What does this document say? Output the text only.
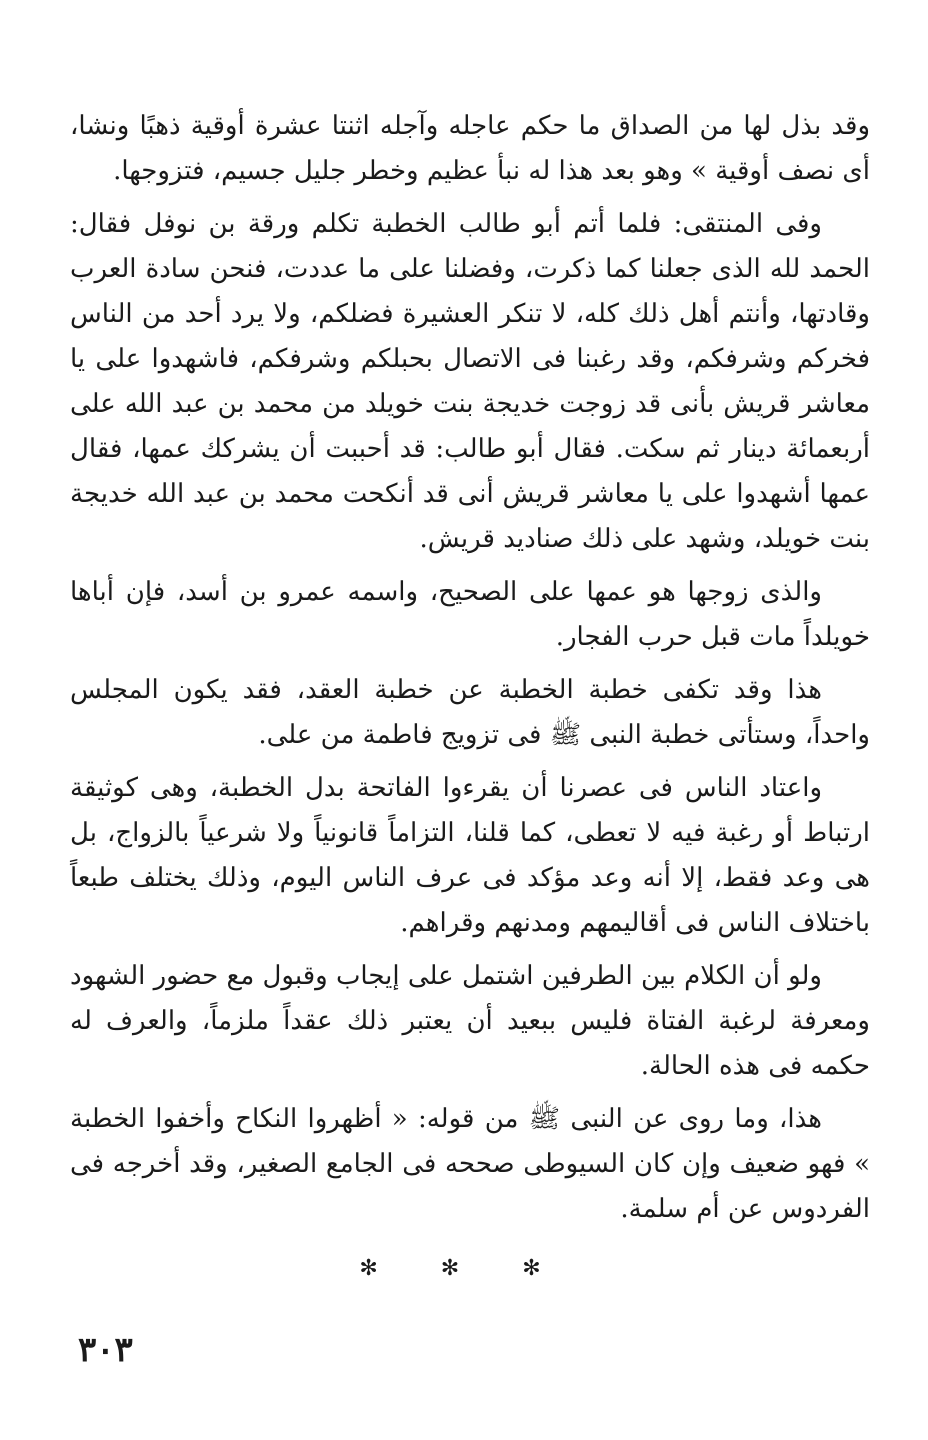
وقد بذل لها من الصداق ما حكم عاجله وآجله اثنتا عشرة أوقية ذهبًا ونشا، أى نصف أوقية » وهو بعد هذا له نبأ عظيم وخطر جليل جسيم، فتزوجها.

وفى المنتقى: فلما أتم أبو طالب الخطبة تكلم ورقة بن نوفل فقال: الحمد لله الذى جعلنا كما ذكرت، وفضلنا على ما عددت، فنحن سادة العرب وقادتها، وأنتم أهل ذلك كله، لا تنكر العشيرة فضلكم، ولا يرد أحد من الناس فخركم وشرفكم، وقد رغبنا فى الاتصال بحبلكم وشرفكم، فاشهدوا على يا معاشر قريش بأنى قد زوجت خديجة بنت خويلد من محمد بن عبد الله على أربعمائة دينار ثم سكت. فقال أبو طالب: قد أحببت أن يشركك عمها، فقال عمها أشهدوا على يا معاشر قريش أنى قد أنكحت محمد بن عبد الله خديجة بنت خويلد، وشهد على ذلك صناديد قريش.

والذى زوجها هو عمها على الصحيح، واسمه عمرو بن أسد، فإن أباها خويلداً مات قبل حرب الفجار.

هذا وقد تكفى خطبة الخطبة عن خطبة العقد، فقد يكون المجلس واحداً، وستأتى خطبة النبى ﷺ فى تزويج فاطمة من على.

واعتاد الناس فى عصرنا أن يقرءوا الفاتحة بدل الخطبة، وهى كوثيقة ارتباط أو رغبة فيه لا تعطى، كما قلنا، التزاماً قانونياً ولا شرعياً بالزواج، بل هى وعد فقط، إلا أنه وعد مؤكد فى عرف الناس اليوم، وذلك يختلف طبعاً باختلاف الناس فى أقاليمهم ومدنهم وقراهم.

ولو أن الكلام بين الطرفين اشتمل على إيجاب وقبول مع حضور الشهود ومعرفة لرغبة الفتاة فليس ببعيد أن يعتبر ذلك عقداً ملزماً، والعرف له حكمه فى هذه الحالة.

هذا، وما روى عن النبى ﷺ من قوله: « أظهروا النكاح وأخفوا الخطبة » فهو ضعيف وإن كان السيوطى صححه فى الجامع الصغير، وقد أخرجه فى الفردوس عن أم سلمة.

✻ ✻ ✻
٣٠٣
